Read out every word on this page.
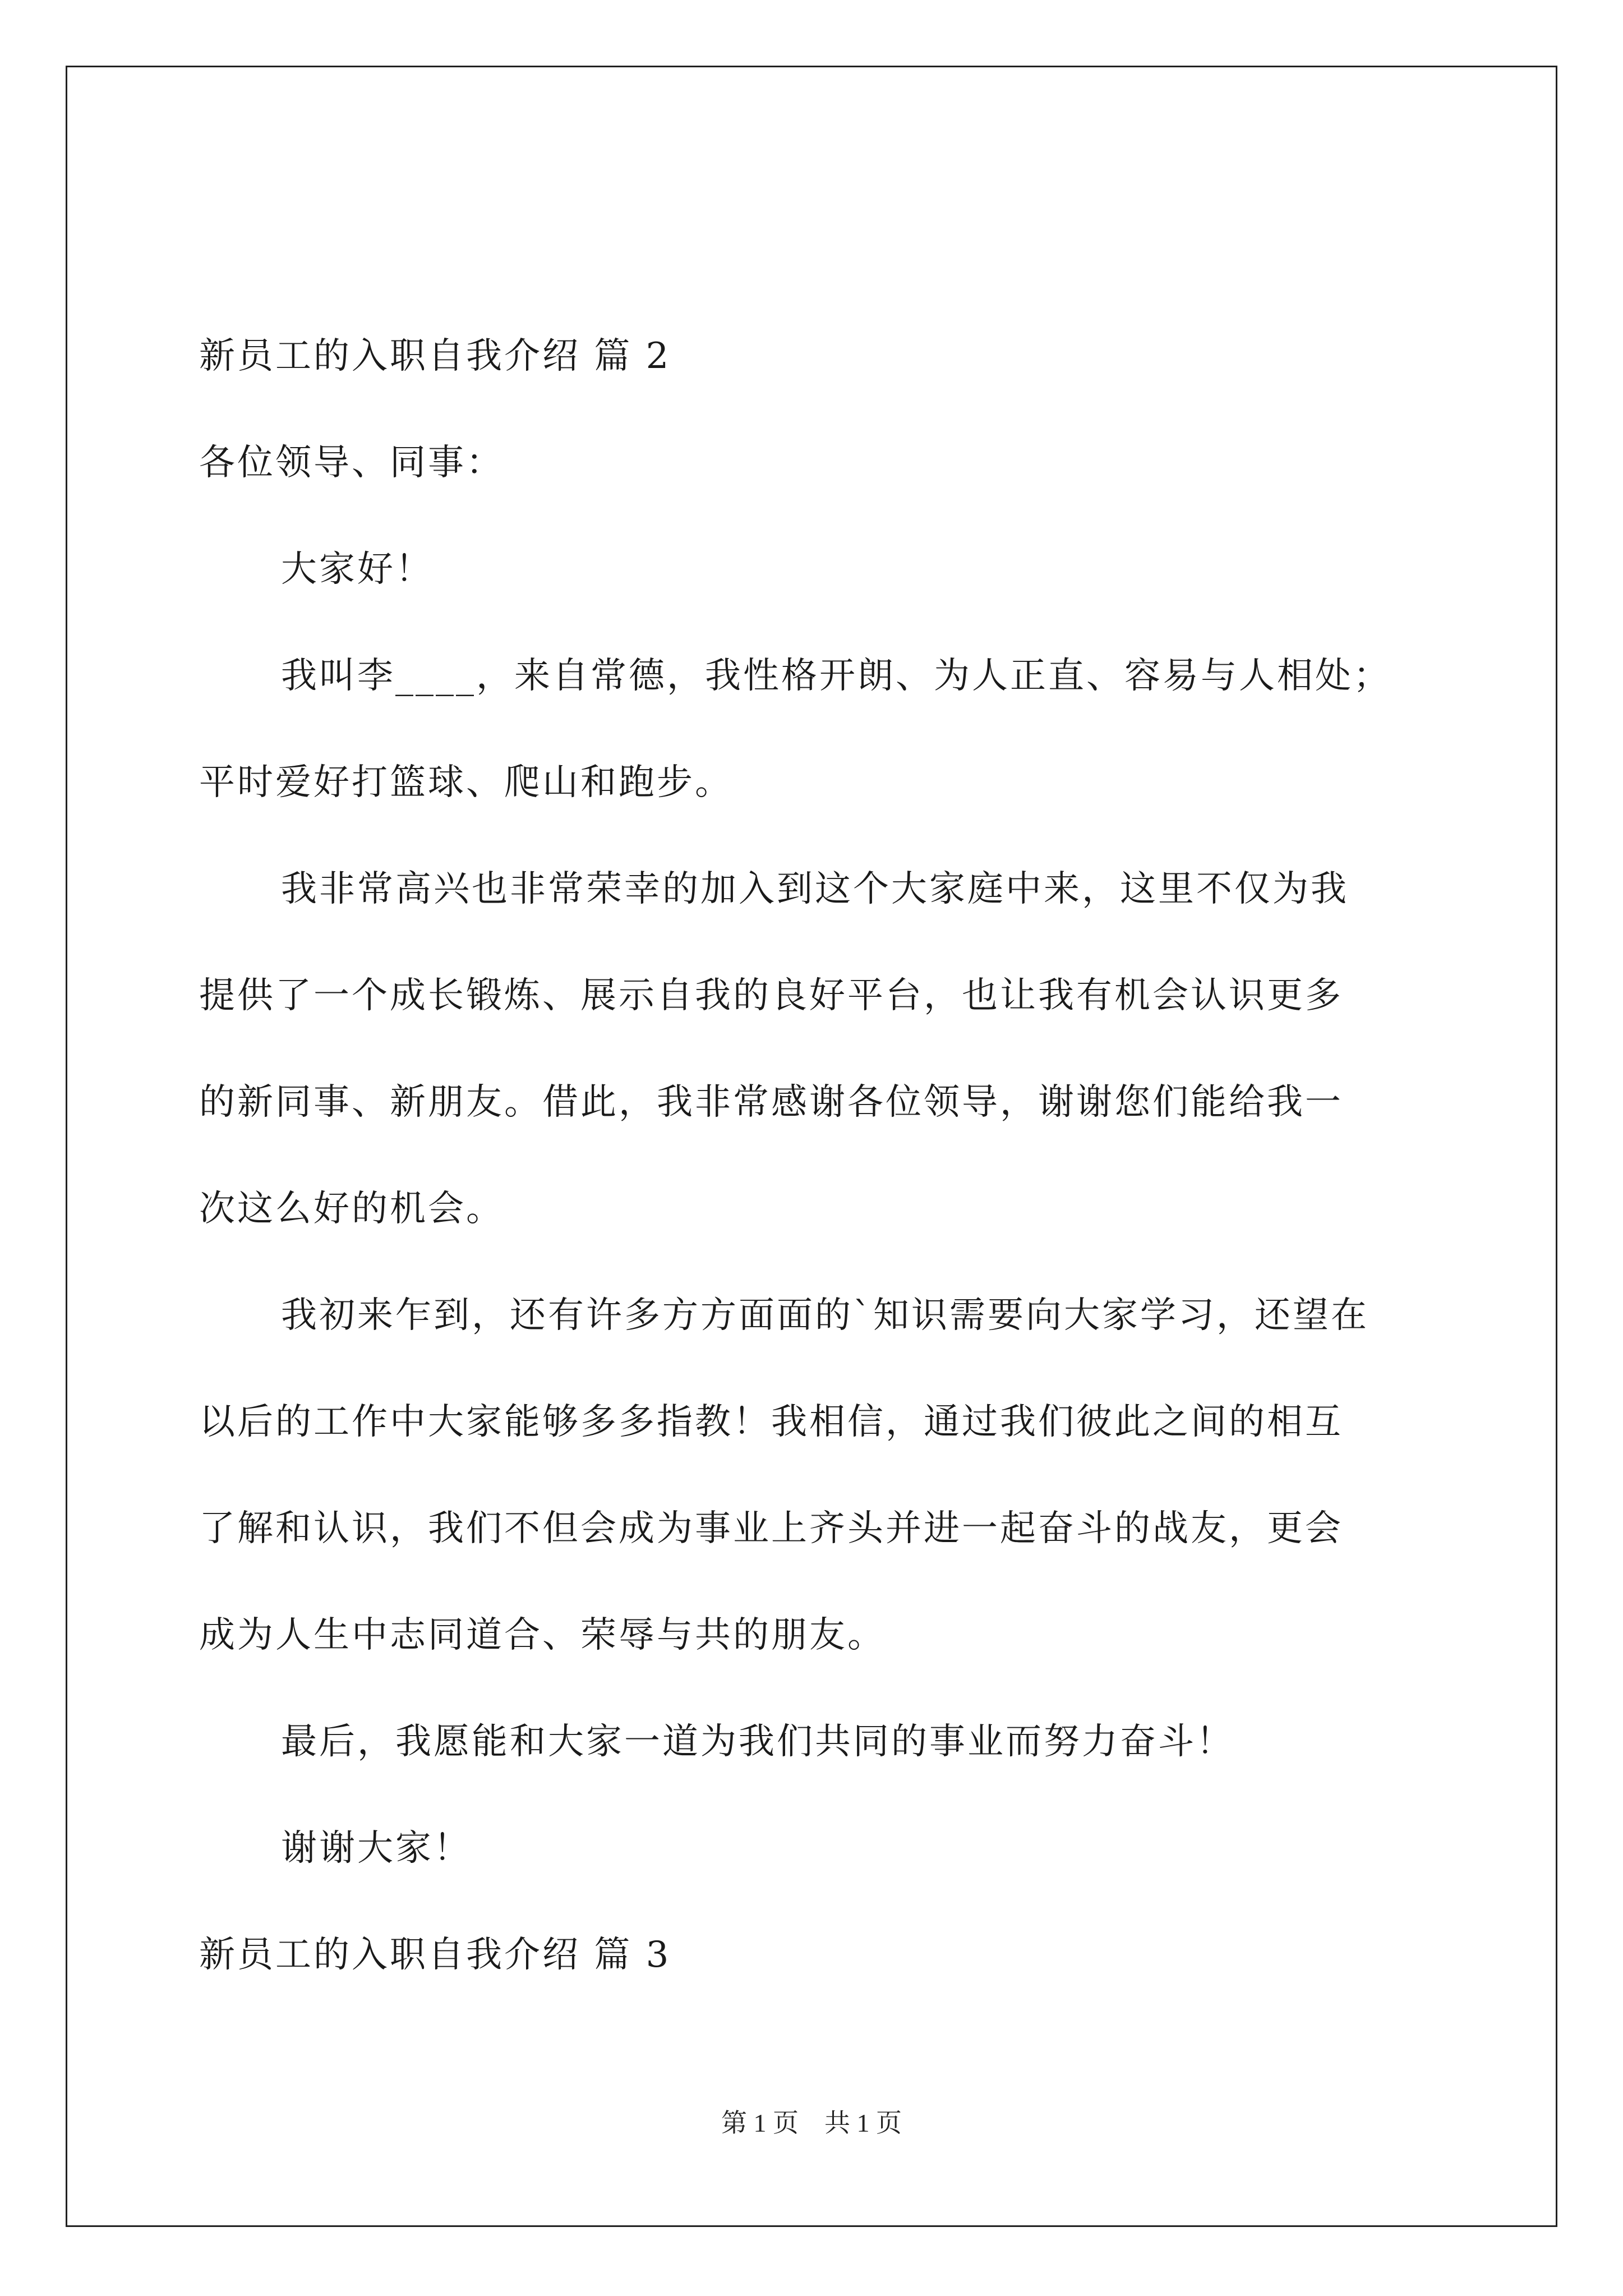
新员工的入职自我介绍 篇 2
各位领导、同事：
大家好！
我叫李____，来自常德，我性格开朗、为人正直、容易与人相处；
平时爱好打篮球、爬山和跑步。
我非常高兴也非常荣幸的加入到这个大家庭中来，这里不仅为我
提供了一个成长锻炼、展示自我的良好平台，也让我有机会认识更多
的新同事、新朋友。借此，我非常感谢各位领导，谢谢您们能给我一
次这么好的机会。
我初来乍到，还有许多方方面面的`知识需要向大家学习，还望在
以后的工作中大家能够多多指教！我相信，通过我们彼此之间的相互
了解和认识，我们不但会成为事业上齐头并进一起奋斗的战友，更会
成为人生中志同道合、荣辱与共的朋友。
最后，我愿能和大家一道为我们共同的事业而努力奋斗！
谢谢大家！
新员工的入职自我介绍 篇 3
第 1 页　共 1 页
